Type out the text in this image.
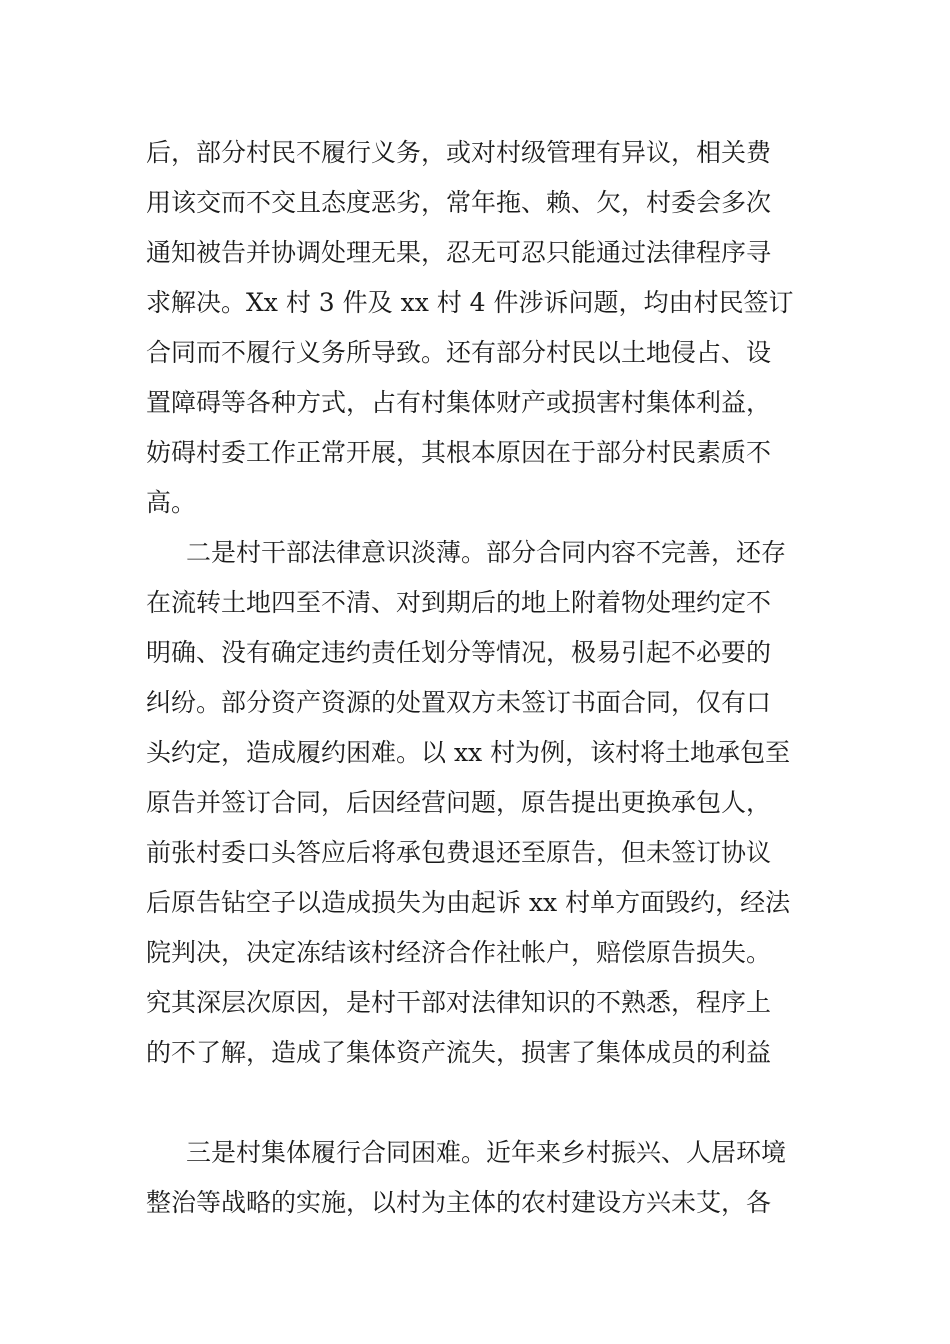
后，部分村民不履行义务，或对村级管理有异议，相关费
用该交而不交且态度恶劣，常年拖、赖、欠，村委会多次
通知被告并协调处理无果，忍无可忍只能通过法律程序寻
求解决。Xx 村 3 件及 xx 村 4 件涉诉问题，均由村民签订
合同而不履行义务所导致。还有部分村民以土地侵占、设
置障碍等各种方式，占有村集体财产或损害村集体利益，
妨碍村委工作正常开展，其根本原因在于部分村民素质不
高。
二是村干部法律意识淡薄。部分合同内容不完善，还存
在流转土地四至不清、对到期后的地上附着物处理约定不
明确、没有确定违约责任划分等情况，极易引起不必要的
纠纷。部分资产资源的处置双方未签订书面合同，仅有口
头约定，造成履约困难。以 xx 村为例，该村将土地承包至
原告并签订合同，后因经营问题，原告提出更换承包人，
前张村委口头答应后将承包费退还至原告，但未签订协议
后原告钻空子以造成损失为由起诉 xx 村单方面毁约，经法
院判决，决定冻结该村经济合作社帐户，赔偿原告损失。
究其深层次原因，是村干部对法律知识的不熟悉，程序上
的不了解，造成了集体资产流失，损害了集体成员的利益
三是村集体履行合同困难。近年来乡村振兴、人居环境
整治等战略的实施，以村为主体的农村建设方兴未艾，各
